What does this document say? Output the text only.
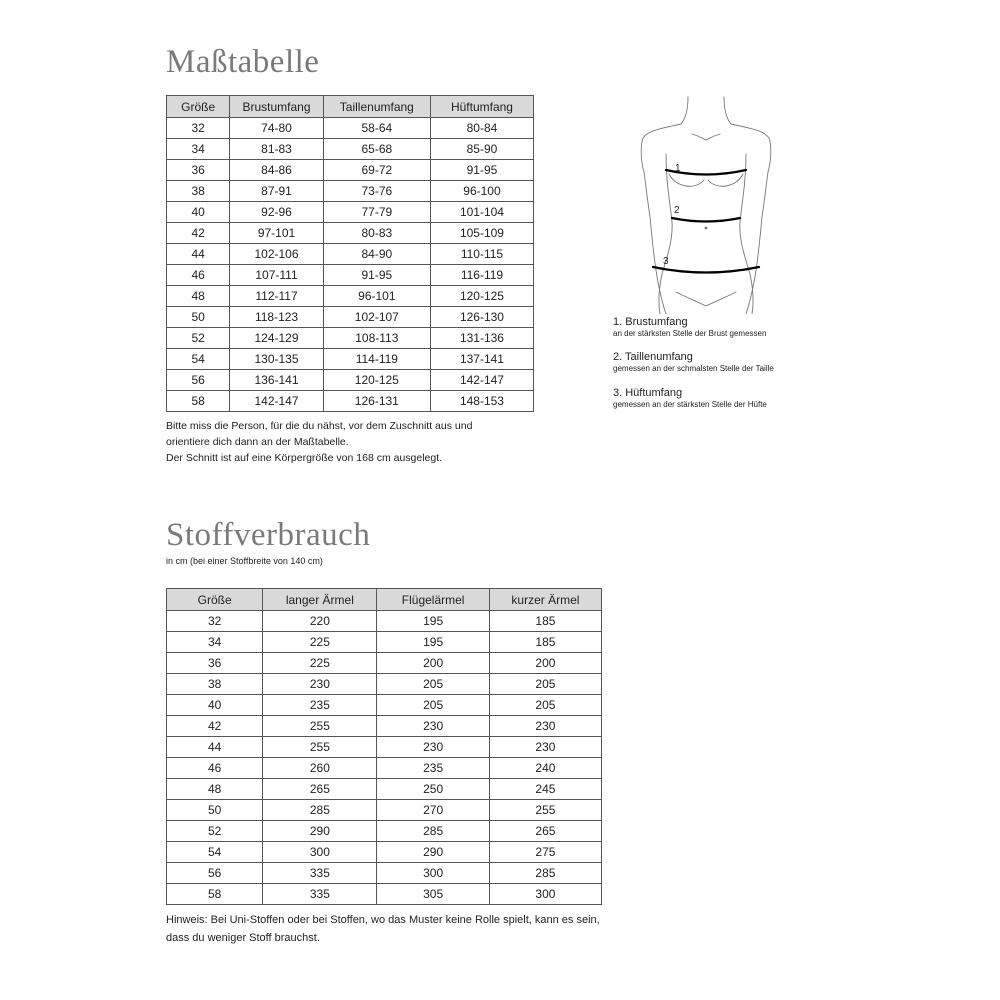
Maßtabelle
Größe	Brustumfang	Taillenumfang	Hüftumfang
32	74-80	58-64	80-84
34	81-83	65-68	85-90
36	84-86	69-72	91-95
38	87-91	73-76	96-100
40	92-96	77-79	101-104
42	97-101	80-83	105-109
44	102-106	84-90	110-115
46	107-111	91-95	116-119
48	112-117	96-101	120-125
50	118-123	102-107	126-130
52	124-129	108-113	131-136
54	130-135	114-119	137-141
56	136-141	120-125	142-147
58	142-147	126-131	148-153

Bitte miss die Person, für die du nähst, vor dem Zuschnitt aus und
orientiere dich dann an der Maßtabelle.
Der Schnitt ist auf eine Körpergröße von 168 cm ausgelegt.

1
2
3

1. Brustumfang
an der stärksten Stelle der Brust gemessen

2. Taillenumfang
gemessen an der schmalsten Stelle der Taille

3. Hüftumfang
gemessen an der stärksten Stelle der Hüfte

Stoffverbrauch

in cm (bei einer Stoffbreite von 140 cm)

Größe	langer Ärmel	Flügelärmel	kurzer Ärmel
32	220	195	185
34	225	195	185
36	225	200	200
38	230	205	205
40	235	205	205
42	255	230	230
44	255	230	230
46	260	235	240
48	265	250	245
50	285	270	255
52	290	285	265
54	300	290	275
56	335	300	285
58	335	305	300

Hinweis: Bei Uni-Stoffen oder bei Stoffen, wo das Muster keine Rolle spielt, kann es sein,
dass du weniger Stoff brauchst.
